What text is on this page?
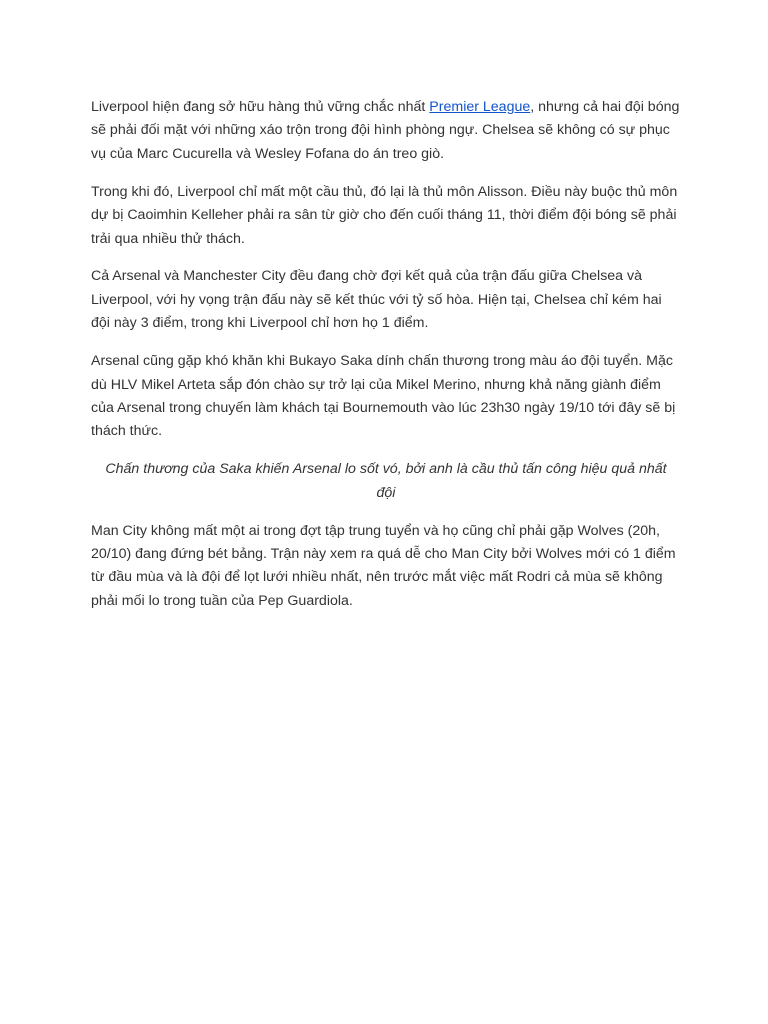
Liverpool hiện đang sở hữu hàng thủ vững chắc nhất Premier League, nhưng cả hai đội bóng sẽ phải đối mặt với những xáo trộn trong đội hình phòng ngự. Chelsea sẽ không có sự phục vụ của Marc Cucurella và Wesley Fofana do án treo giò.

Trong khi đó, Liverpool chỉ mất một cầu thủ, đó lại là thủ môn Alisson. Điều này buộc thủ môn dự bị Caoimhin Kelleher phải ra sân từ giờ cho đến cuối tháng 11, thời điểm đội bóng sẽ phải trải qua nhiều thử thách.

Cả Arsenal và Manchester City đều đang chờ đợi kết quả của trận đấu giữa Chelsea và Liverpool, với hy vọng trận đấu này sẽ kết thúc với tỷ số hòa. Hiện tại, Chelsea chỉ kém hai đội này 3 điểm, trong khi Liverpool chỉ hơn họ 1 điểm.

Arsenal cũng gặp khó khăn khi Bukayo Saka dính chấn thương trong màu áo đội tuyển. Mặc dù HLV Mikel Arteta sắp đón chào sự trở lại của Mikel Merino, nhưng khả năng giành điểm của Arsenal trong chuyến làm khách tại Bournemouth vào lúc 23h30 ngày 19/10 tới đây sẽ bị thách thức.

Chấn thương của Saka khiến Arsenal lo sốt vó, bởi anh là cầu thủ tấn công hiệu quả nhất đội

Man City không mất một ai trong đợt tập trung tuyển và họ cũng chỉ phải gặp Wolves (20h, 20/10) đang đứng bét bảng. Trận này xem ra quá dễ cho Man City bởi Wolves mới có 1 điểm từ đầu mùa và là đội để lọt lưới nhiều nhất, nên trước mắt việc mất Rodri cả mùa sẽ không phải mối lo trong tuần của Pep Guardiola.
